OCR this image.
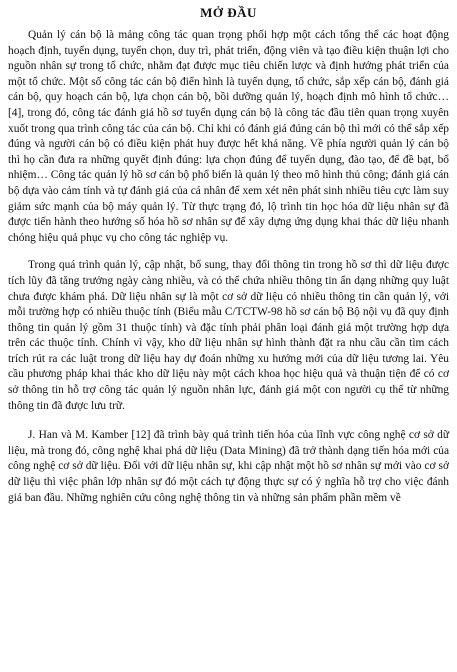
MỞ ĐẦU

Quản lý cán bộ là mảng công tác quan trọng phối hợp một cách tổng thể các hoạt động hoạch định, tuyển dụng, tuyển chọn, duy trì, phát triển, động viên và tạo điều kiện thuận lợi cho nguồn nhân sự trong tổ chức, nhằm đạt được mục tiêu chiến lược và định hướng phát triển của một tổ chức. Một số công tác cán bộ điển hình là tuyển dụng, tổ chức, sắp xếp cán bộ, đánh giá cán bộ, quy hoạch cán bộ, lựa chọn cán bộ, bồi dưỡng quản lý, hoạch định mô hình tổ chức… [4], trong đó, công tác đánh giá hồ sơ tuyển dụng cán bộ là công tác đầu tiên quan trọng xuyên xuốt trong qua trình công tác của cán bộ. Chỉ khi có đánh giá đúng cán bộ thì mới có thể sắp xếp đúng và người cán bộ có điều kiện phát huy được hết khả năng. Về phía người quản lý cán bộ thì họ cần đưa ra những quyết định đúng: lựa chọn đúng để tuyển dụng, đào tạo, để đề bạt, bổ nhiệm… Công tác quản lý hồ sơ cán bộ phổ biến là quản lý theo mô hình thủ công; đánh giá cán bộ dựa vào cảm tính và tự đánh giá của cá nhân để xem xét nên phát sinh nhiều tiêu cực làm suy giảm sức mạnh của bộ máy quản lý. Từ thực trạng đó, lộ trình tin học hóa dữ liệu nhân sự đã được tiến hành theo hướng số hóa hồ sơ nhân sự để xây dựng ứng dụng khai thác dữ liệu nhanh chóng hiệu quả phục vụ cho công tác nghiệp vụ.

Trong quá trình quản lý, cập nhật, bổ sung, thay đổi thông tin trong hồ sơ thì dữ liệu được tích lũy đã tăng trưởng ngày càng nhiều, và có thể chứa nhiều thông tin ẩn dạng những quy luật chưa được khám phá. Dữ liệu nhân sự là một cơ sở dữ liệu có nhiều thông tin cần quản lý, với mỗi trường hợp có nhiều thuộc tính (Biểu mẫu C/TCTW-98 hồ sơ cán bộ Bộ nội vụ đã quy định thông tin quản lý gồm 31 thuộc tính) và đặc tính phải phân loại đánh giá một trường hợp dựa trên các thuộc tính. Chính vì vậy, kho dữ liệu nhân sự hình thành đặt ra nhu cầu cần tìm cách trích rút ra các luật trong dữ liệu hay dự đoán những xu hướng mới của dữ liệu tương lai. Yêu cầu phương pháp khai thác kho dữ liệu này một cách khoa học hiệu quả và thuận tiện để có cơ sở thông tin hỗ trợ công tác quản lý nguồn nhân lực, đánh giá một con người cụ thể từ những thông tin đã được lưu trữ.

J. Han và M. Kamber [12] đã trình bày quá trình tiến hóa của lĩnh vực công nghệ cơ sở dữ liệu, mà trong đó, công nghệ khai phá dữ liệu (Data Mining) đã trở thành dạng tiến hóa mới của công nghệ cơ sở dữ liệu. Đối với dữ liệu nhân sự, khi cập nhật một hồ sơ nhân sự mới vào cơ sở dữ liệu thì việc phân lớp nhân sự đó một cách tự động thực sự có ý nghĩa hỗ trợ cho việc đánh giá ban đầu. Những nghiên cứu công nghệ thông tin và những sản phẩm phần mềm về
